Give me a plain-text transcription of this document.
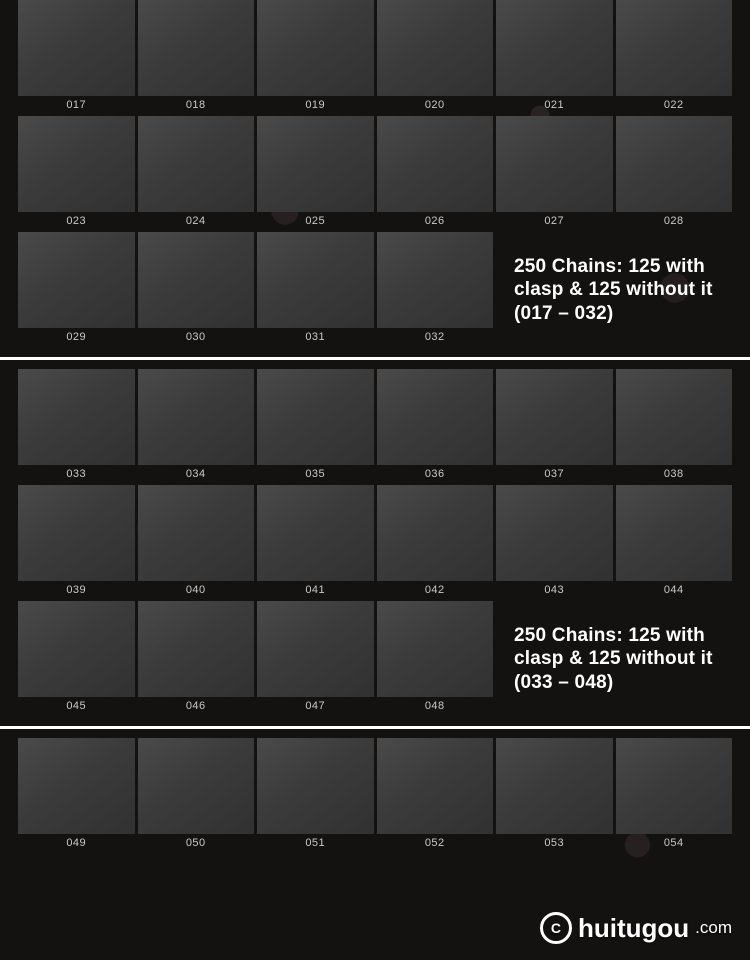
017	018	019	020	021	022
023	024	025	026	027	028
029	030	031	032
250 Chains: 125 with
clasp & 125 without it
(017 – 032)
033	034	035	036	037	038
039	040	041	042	043	044
045	046	047	048
250 Chains: 125 with
clasp & 125 without it
(033 – 048)
049	050	051	052	053	054
C huitugou .com
